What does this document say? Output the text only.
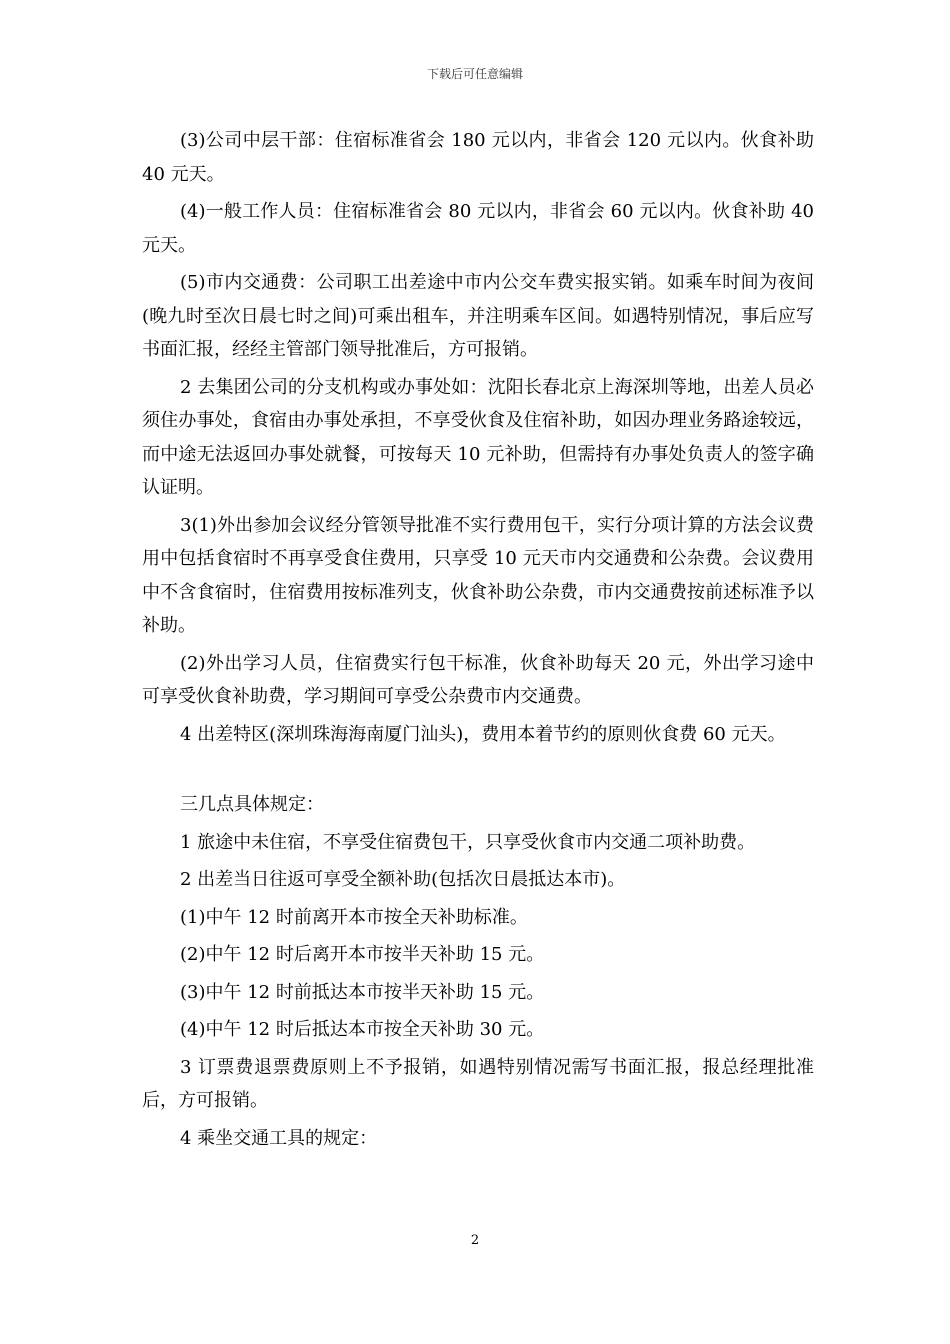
下载后可任意编辑

(3)公司中层干部：住宿标准省会 180 元以内，非省会 120 元以内。伙食补助 40 元天。

(4)一般工作人员：住宿标准省会 80 元以内，非省会 60 元以内。伙食补助 40 元天。

(5)市内交通费：公司职工出差途中市内公交车费实报实销。如乘车时间为夜间(晚九时至次日晨七时之间)可乘出租车，并注明乘车区间。如遇特别情况，事后应写书面汇报，经经主管部门领导批准后，方可报销。

2 去集团公司的分支机构或办事处如：沈阳长春北京上海深圳等地，出差人员必须住办事处，食宿由办事处承担，不享受伙食及住宿补助，如因办理业务路途较远，而中途无法返回办事处就餐，可按每天 10 元补助，但需持有办事处负责人的签字确认证明。

3(1)外出参加会议经分管领导批准不实行费用包干，实行分项计算的方法会议费用中包括食宿时不再享受食住费用，只享受 10 元天市内交通费和公杂费。会议费用中不含食宿时，住宿费用按标准列支，伙食补助公杂费，市内交通费按前述标准予以补助。

(2)外出学习人员，住宿费实行包干标准，伙食补助每天 20 元，外出学习途中可享受伙食补助费，学习期间可享受公杂费市内交通费。

4 出差特区(深圳珠海海南厦门汕头)，费用本着节约的原则伙食费 60 元天。

三几点具体规定：

1 旅途中未住宿，不享受住宿费包干，只享受伙食市内交通二项补助费。

2 出差当日往返可享受全额补助(包括次日晨抵达本市)。

(1)中午 12 时前离开本市按全天补助标准。

(2)中午 12 时后离开本市按半天补助 15 元。

(3)中午 12 时前抵达本市按半天补助 15 元。

(4)中午 12 时后抵达本市按全天补助 30 元。

3 订票费退票费原则上不予报销，如遇特别情况需写书面汇报，报总经理批准后，方可报销。

4 乘坐交通工具的规定：

2
